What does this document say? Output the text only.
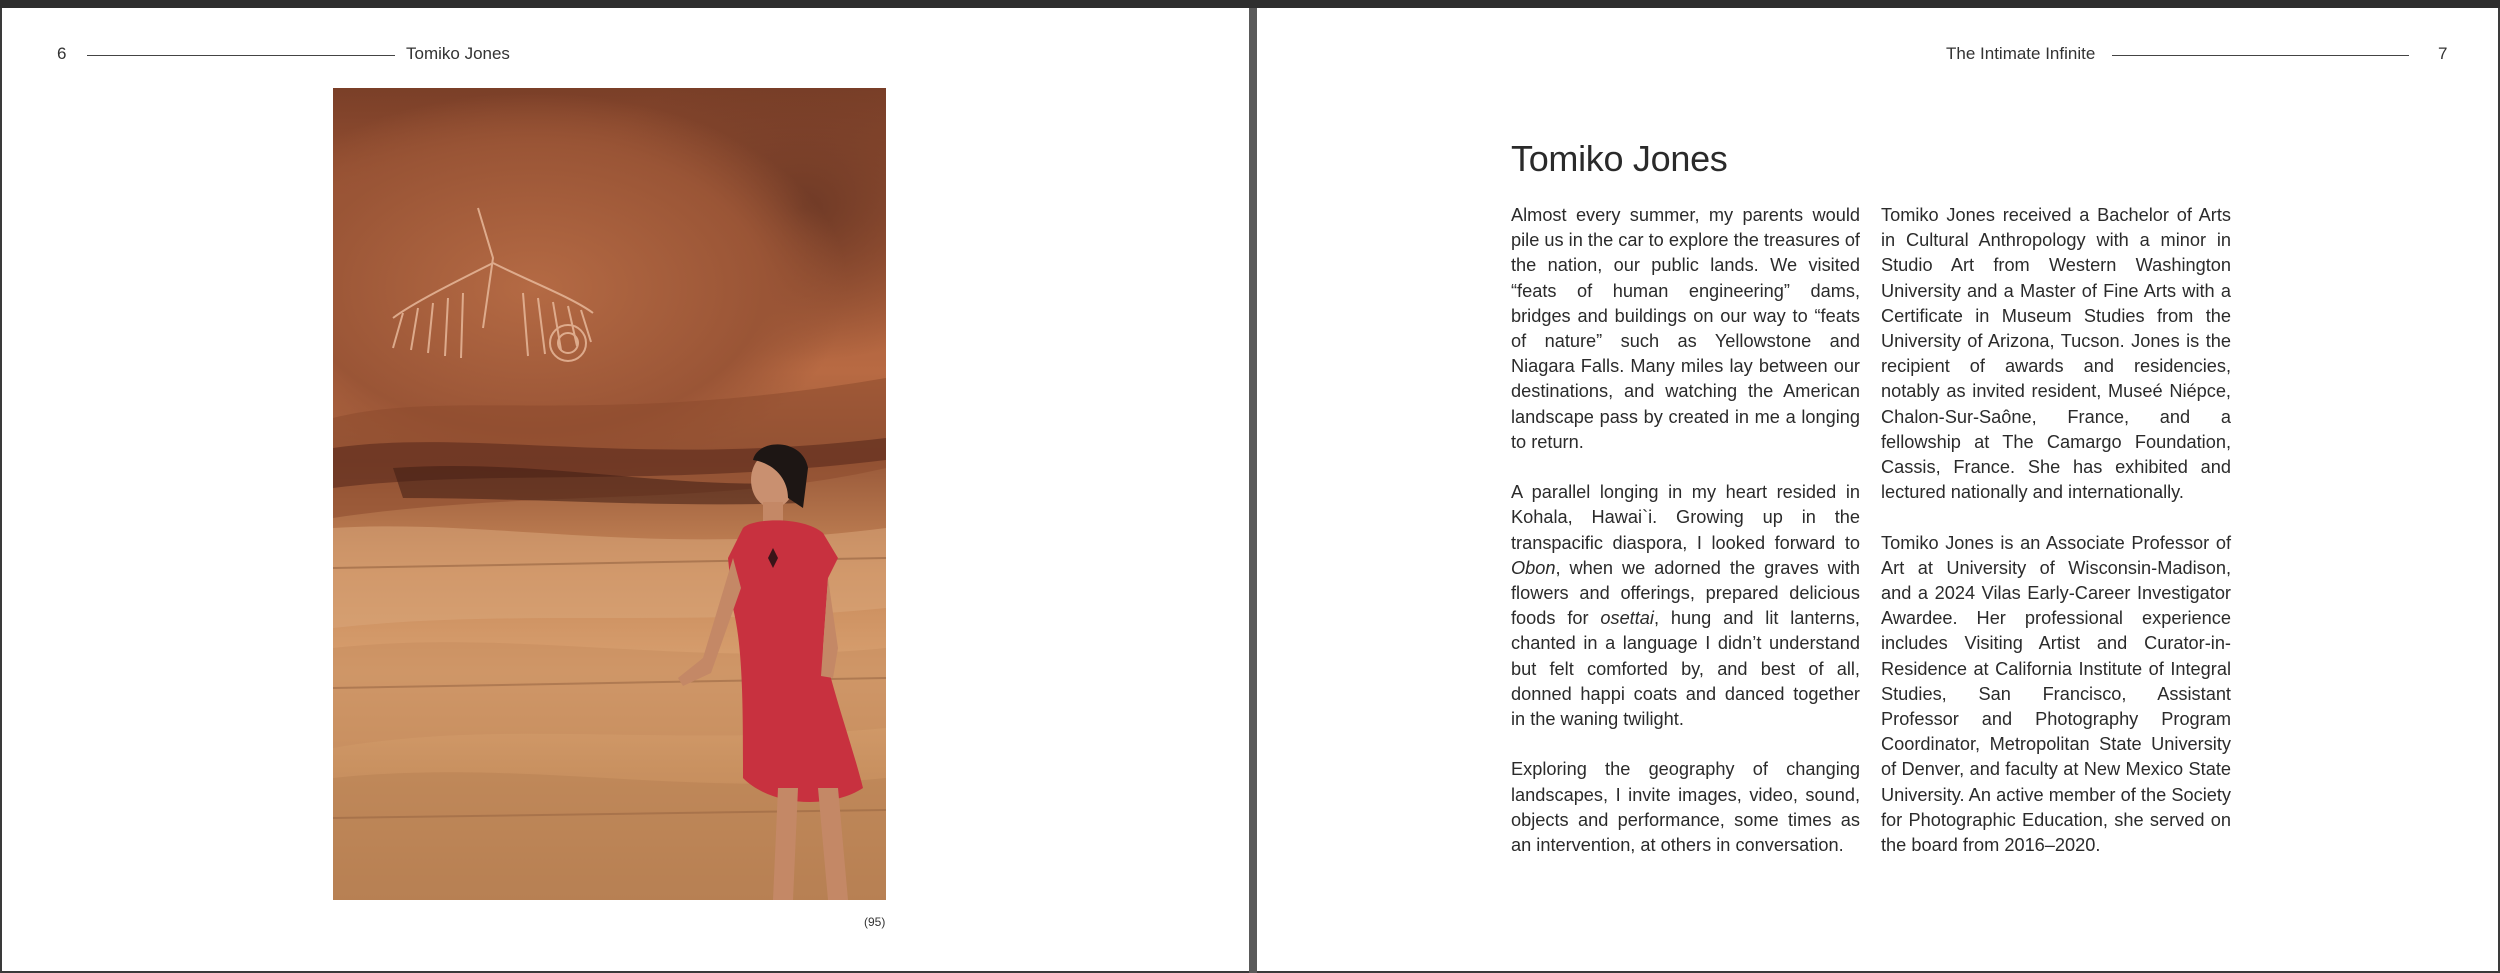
6	Tomiko Jones
(95)
The Intimate Infinite	7
Tomiko Jones

Almost every summer, my parents would pile us in the car to explore the treasures of the nation, our public lands. We visited “feats of human engineering” dams, bridges and buildings on our way to “feats of nature” such as Yellowstone and Niagara Falls. Many miles lay between our destinations, and watching the American landscape pass by created in me a longing to return.

A parallel longing in my heart resided in Kohala, Hawai`i. Growing up in the transpacific diaspora, I looked forward to Obon, when we adorned the graves with flowers and offerings, prepared delicious foods for osettai, hung and lit lanterns, chanted in a language I didn’t understand but felt comforted by, and best of all, donned happi coats and danced together in the waning twilight.

Exploring the geography of changing landscapes, I invite images, video, sound, objects and performance, some times as an intervention, at others in conversation.

Tomiko Jones received a Bachelor of Arts in Cultural Anthropology with a minor in Studio Art from Western Washington University and a Master of Fine Arts with a Certificate in Museum Studies from the University of Arizona, Tucson. Jones is the recipient of awards and residencies, notably as invited resident, Museé Niépce, Chalon-Sur-Saône, France, and a fellowship at The Camargo Foundation, Cassis, France. She has exhibited and lectured nationally and internationally.

Tomiko Jones is an Associate Professor of Art at University of Wisconsin-Madison, and a 2024 Vilas Early-Career Investigator Awardee. Her professional experience includes Visiting Artist and Curator-in-Residence at California Institute of Integral Studies, San Francisco, Assistant Professor and Photography Program Coordinator, Metropolitan State University of Denver, and faculty at New Mexico State University. An active member of the Society for Photographic Education, she served on the board from 2016–2020.
